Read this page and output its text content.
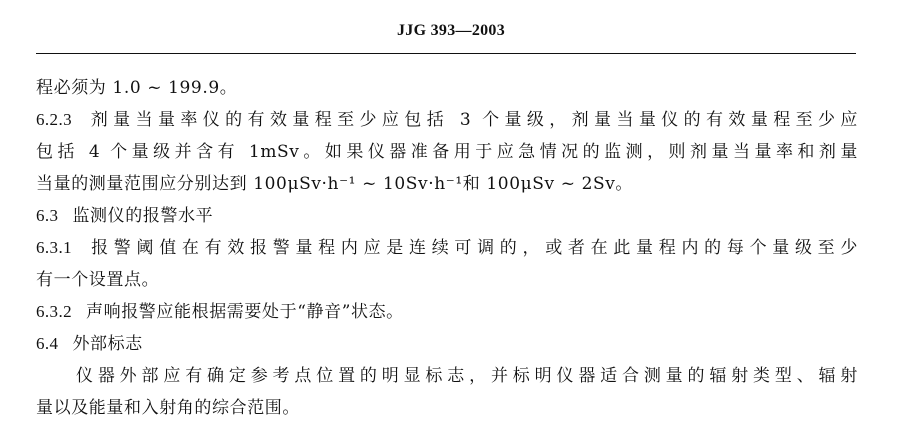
JJG 393—2003
程必须为 1.0 ~ 199.9。
6.2.3 剂量当量率仪的有效量程至少应包括 3 个量级，剂量当量仪的有效量程至少应
包括 4 个量级并含有 1mSv。如果仪器准备用于应急情况的监测，则剂量当量率和剂量
当量的测量范围应分别达到 100μSv·h⁻¹ ~ 10Sv·h⁻¹和 100μSv ~ 2Sv。
6.3 监测仪的报警水平
6.3.1 报警阈值在有效报警量程内应是连续可调的，或者在此量程内的每个量级至少
有一个设置点。
6.3.2 声响报警应能根据需要处于“静音”状态。
6.4 外部标志
仪器外部应有确定参考点位置的明显标志，并标明仪器适合测量的辐射类型、辐射
量以及能量和入射角的综合范围。
